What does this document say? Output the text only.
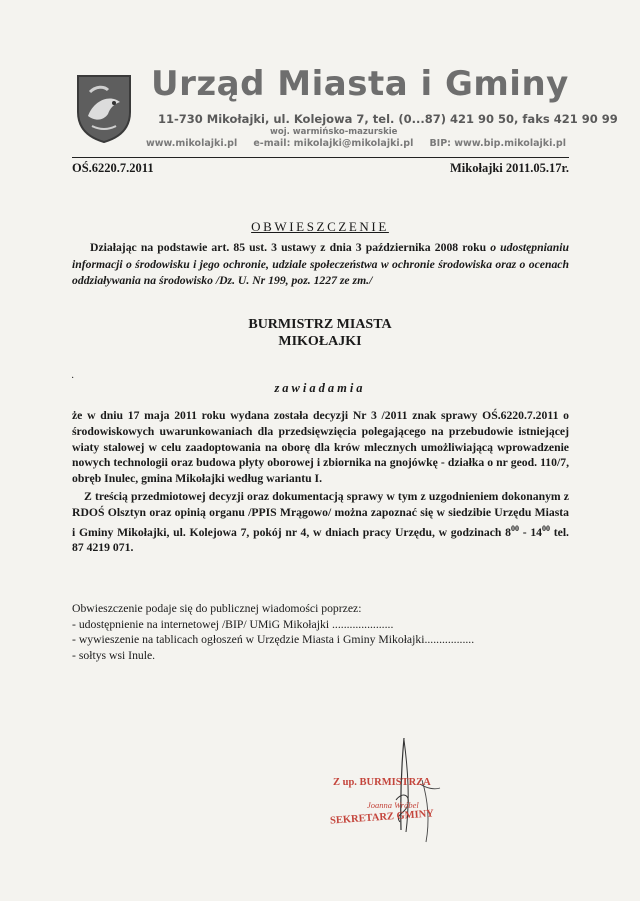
Urząd Miasta i Gminy
11-730 Mikołajki, ul. Kolejowa 7, tel. (0...87) 421 90 50, faks 421 90 99
woj. warmińsko-mazurskie
www.mikolajki.pl e-mail: mikolajki@mikolajki.pl BIP: www.bip.mikolajki.pl
OŚ.6220.7.2011	Mikołajki 2011.05.17r.
OBWIESZCZENIE
Działając na podstawie art. 85 ust. 3 ustawy z dnia 3 października 2008 roku o udostępnianiu informacji o środowisku i jego ochronie, udziale społeczeństwa w ochronie środowiska oraz o ocenach oddziaływania na środowisko /Dz. U. Nr 199, poz. 1227 ze zm./
BURMISTRZ MIASTA
MIKOŁAJKI
·
zawiadamia
że w dniu 17 maja 2011 roku wydana została decyzji Nr 3 /2011 znak sprawy OŚ.6220.7.2011 o środowiskowych uwarunkowaniach dla przedsięwzięcia polegającego na przebudowie istniejącej wiaty stalowej w celu zaadoptowania na oborę dla krów mlecznych umożliwiającą wprowadzenie nowych technologii oraz budowa płyty oborowej i zbiornika na gnojówkę - działka o nr geod. 110/7, obręb Inulec, gmina Mikołajki według wariantu I.
Z treścią przedmiotowej decyzji oraz dokumentacją sprawy w tym z uzgodnieniem dokonanym z RDOŚ Olsztyn oraz opinią organu /PPIS Mrągowo/ można zapoznać się w siedzibie Urzędu Miasta i Gminy Mikołajki, ul. Kolejowa 7, pokój nr 4, w dniach pracy Urzędu, w godzinach $8^{00} - 14^{00}$ tel. 87 4219 071.
Obwieszczenie podaje się do publicznej wiadomości poprzez:
- udostępnienie na internetowej /BIP/ UMiG Mikołajki .....................
- wywieszenie na tablicach ogłoszeń w Urzędzie Miasta i Gminy Mikołajki.................
- sołtys wsi Inule.
Z up. BURMISTRZA
Joanna Wróbel
SEKRETARZ GMINY
